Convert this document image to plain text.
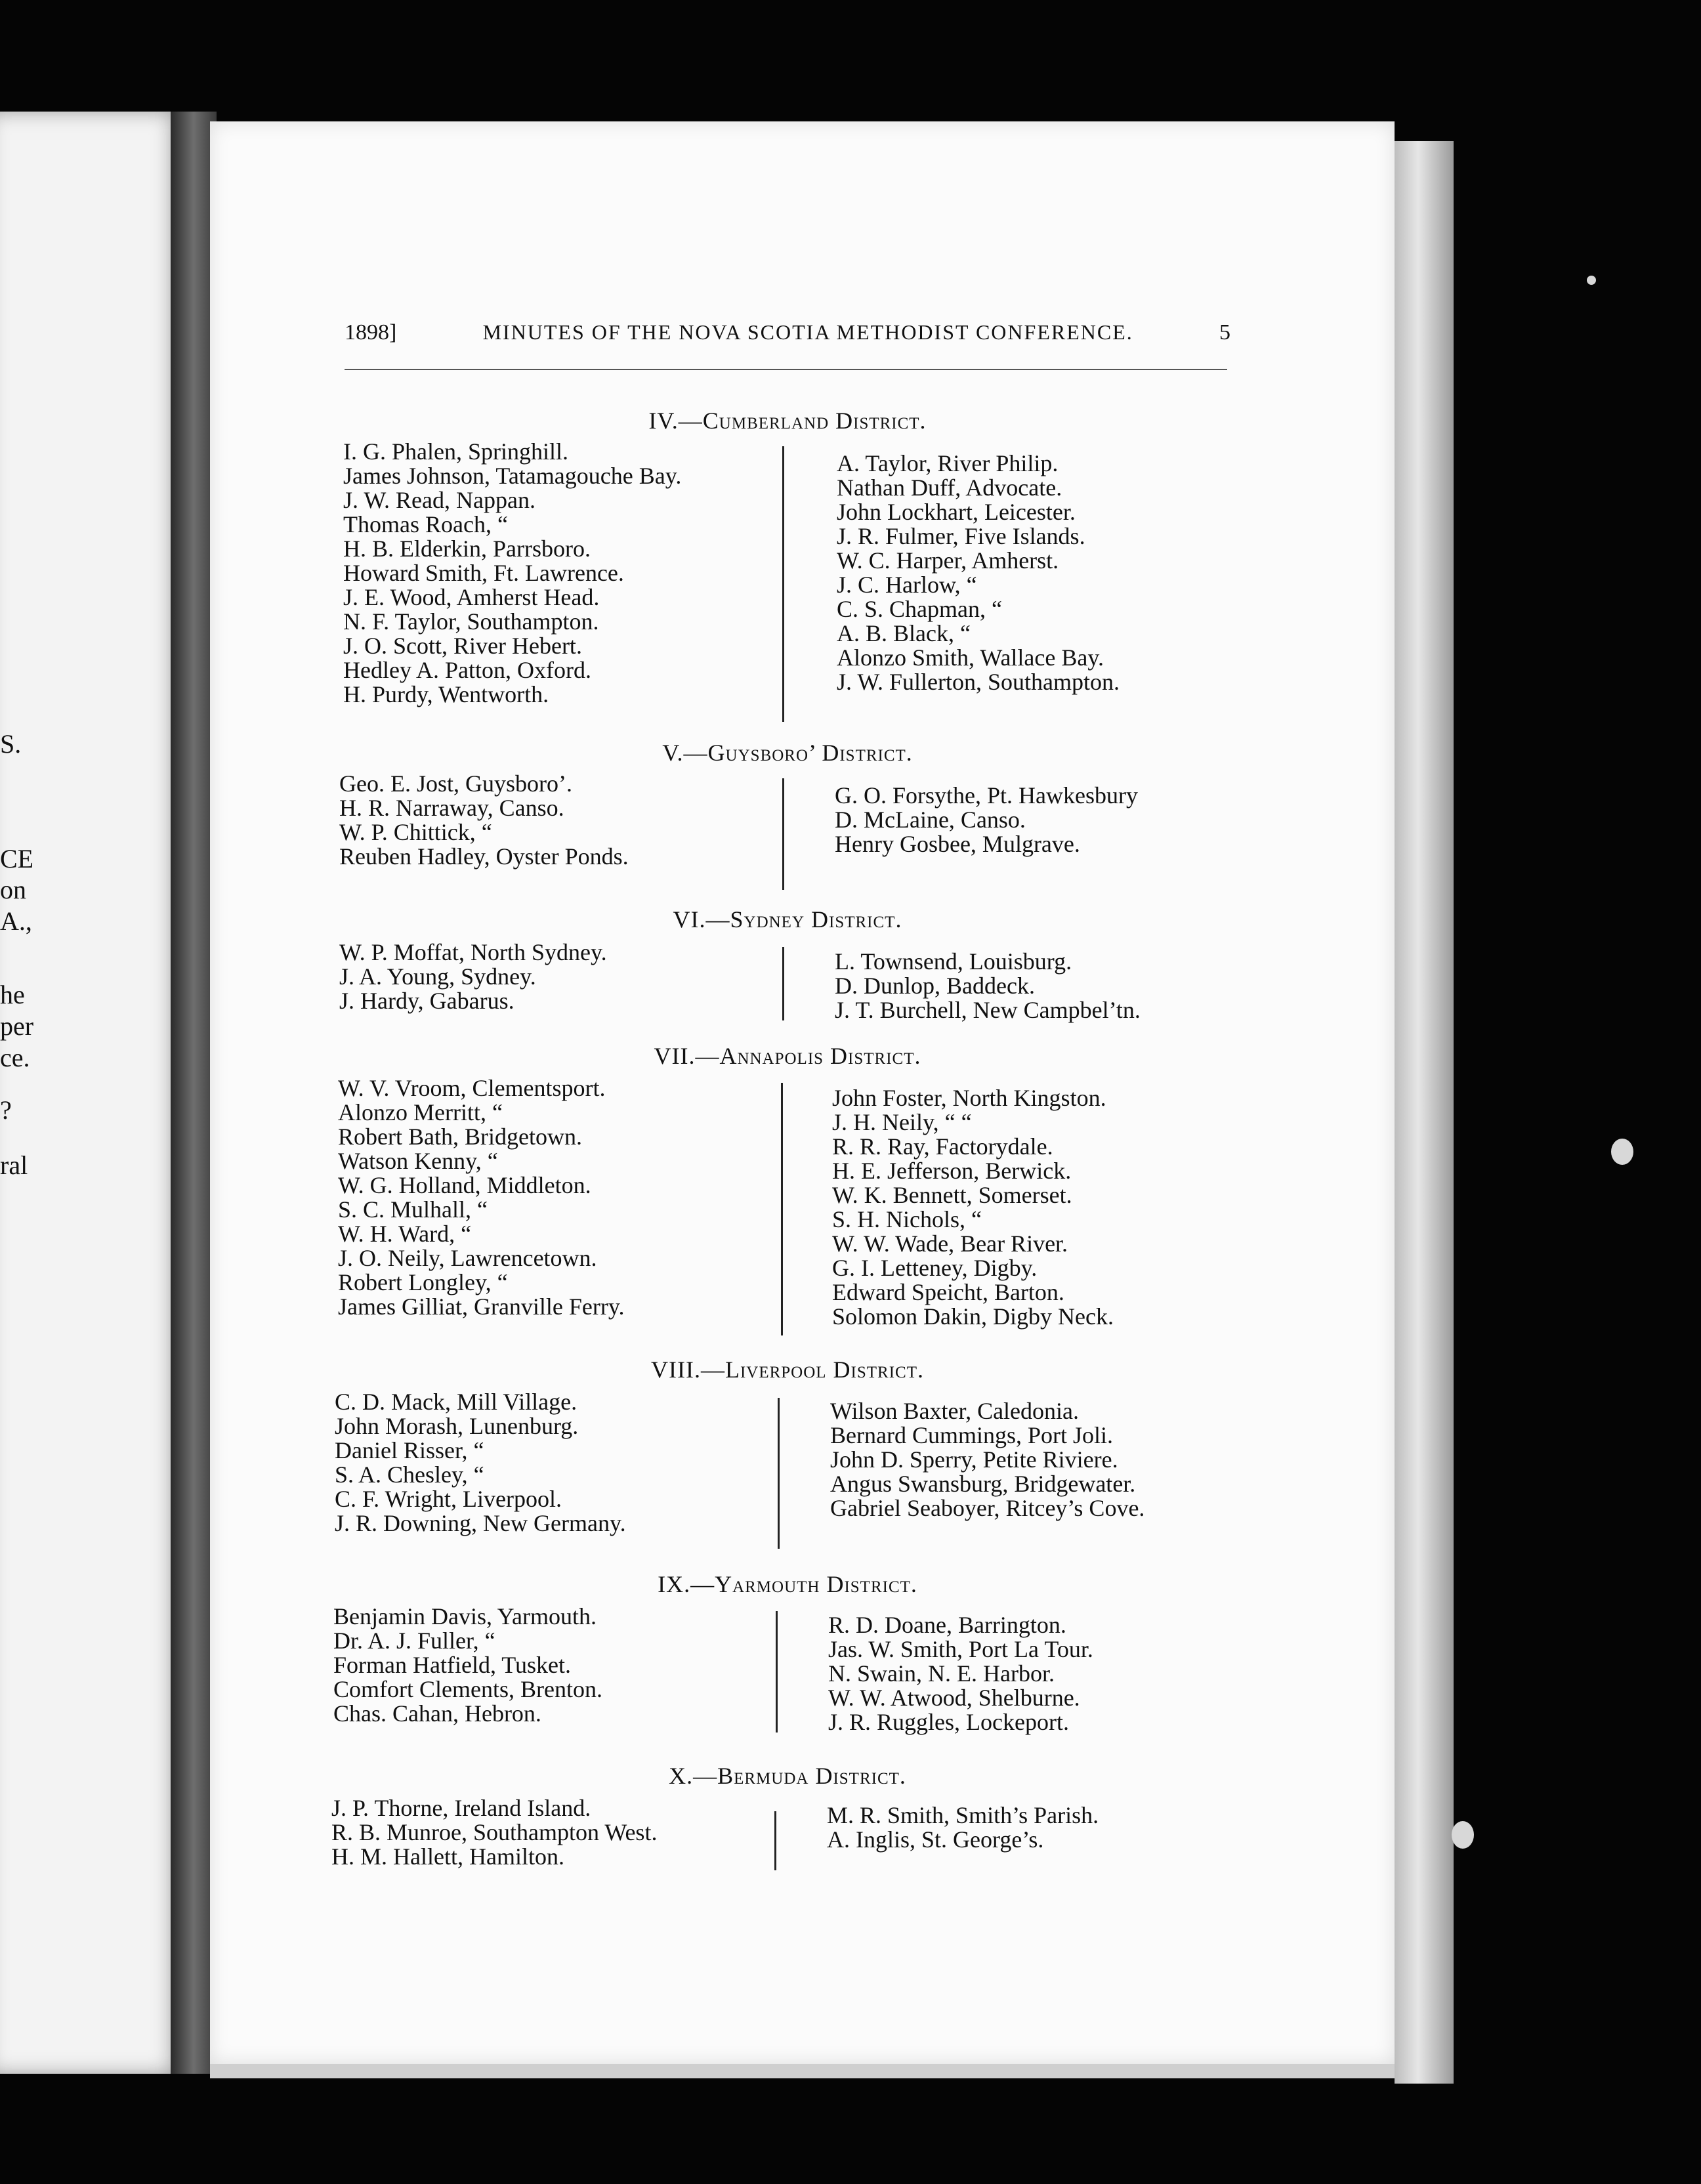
S.
CE
on
A.,
he
per
ce.
?
ral
1898]	MINUTES OF THE NOVA SCOTIA METHODIST CONFERENCE.	5
IV.—Cumberland District.
I. G. Phalen, Springhill.
James Johnson, Tatamagouche Bay.
J. W. Read, Nappan.
Thomas Roach, “
H. B. Elderkin, Parrsboro.
Howard Smith, Ft. Lawrence.
J. E. Wood, Amherst Head.
N. F. Taylor, Southampton.
J. O. Scott, River Hebert.
Hedley A. Patton, Oxford.
H. Purdy, Wentworth.
A. Taylor, River Philip.
Nathan Duff, Advocate.
John Lockhart, Leicester.
J. R. Fulmer, Five Islands.
W. C. Harper, Amherst.
J. C. Harlow, “
C. S. Chapman, “
A. B. Black, “
Alonzo Smith, Wallace Bay.
J. W. Fullerton, Southampton.
V.—Guysboro’ District.
Geo. E. Jost, Guysboro’.
H. R. Narraway, Canso.
W. P. Chittick, “
Reuben Hadley, Oyster Ponds.
G. O. Forsythe, Pt. Hawkesbury
D. McLaine, Canso.
Henry Gosbee, Mulgrave.
VI.—Sydney District.
W. P. Moffat, North Sydney.
J. A. Young, Sydney.
J. Hardy, Gabarus.
L. Townsend, Louisburg.
D. Dunlop, Baddeck.
J. T. Burchell, New Campbel’tn.
VII.—Annapolis District.
W. V. Vroom, Clementsport.
Alonzo Merritt, “
Robert Bath, Bridgetown.
Watson Kenny, “
W. G. Holland, Middleton.
S. C. Mulhall, “
W. H. Ward, “
J. O. Neily, Lawrencetown.
Robert Longley, “
James Gilliat, Granville Ferry.
John Foster, North Kingston.
J. H. Neily, “ “
R. R. Ray, Factorydale.
H. E. Jefferson, Berwick.
W. K. Bennett, Somerset.
S. H. Nichols, “
W. W. Wade, Bear River.
G. I. Letteney, Digby.
Edward Speicht, Barton.
Solomon Dakin, Digby Neck.
VIII.—Liverpool District.
C. D. Mack, Mill Village.
John Morash, Lunenburg.
Daniel Risser, “
S. A. Chesley, “
C. F. Wright, Liverpool.
J. R. Downing, New Germany.
Wilson Baxter, Caledonia.
Bernard Cummings, Port Joli.
John D. Sperry, Petite Riviere.
Angus Swansburg, Bridgewater.
Gabriel Seaboyer, Ritcey’s Cove.
IX.—Yarmouth District.
Benjamin Davis, Yarmouth.
Dr. A. J. Fuller, “
Forman Hatfield, Tusket.
Comfort Clements, Brenton.
Chas. Cahan, Hebron.
R. D. Doane, Barrington.
Jas. W. Smith, Port La Tour.
N. Swain, N. E. Harbor.
W. W. Atwood, Shelburne.
J. R. Ruggles, Lockeport.
X.—Bermuda District.
J. P. Thorne, Ireland Island.
R. B. Munroe, Southampton West.
H. M. Hallett, Hamilton.
M. R. Smith, Smith’s Parish.
A. Inglis, St. George’s.
